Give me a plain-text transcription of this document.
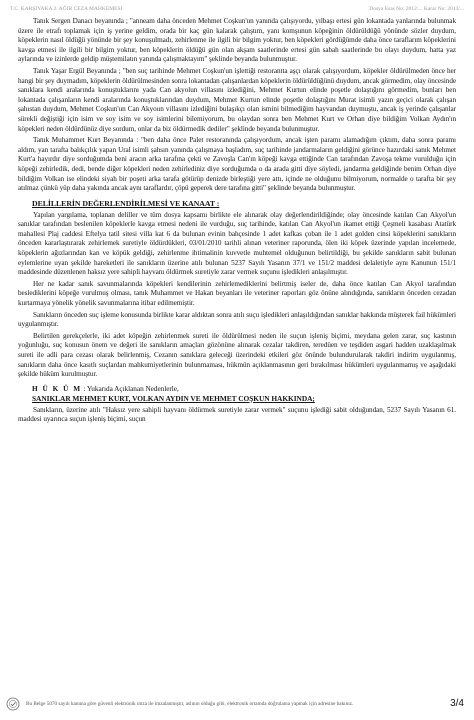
T.C. KARŞIYAKA 2. AĞIR CEZA MAHKEMESİ	Dosya Esas No: 2012/... Karar No: 2013/...

Tanık Sergen Danacı beyanında ; "anneam daha önceden Mehmet Coşkun'un yanında çalışıyordu, yılbaşı ertesi gün lokantada yanlarında bulunmak üzere ile etrafı toplamak için iş yerine geldim, orada bir kaç gün kalarak çalıştım, yanı komşunun köpeğinin öldürüldüğü yönünde sözler duydum, köpeklerin nasıl öldüğü yönünde bir şey konuşulmadı, zehirlenme ile ilgili bir bilgim yoktur, ben köpekleri gördüğümde daha önce taraflarım köpeklerini kavga etmesi ile ilgili bir bilgim yoktur, ben köpeklerin öldüğü gün olan akşam saatlerinde ertesi gün sabah saatlerinde bu olayı duydum, hatta yaz aylarında ve izinlerde geldip müştemilatın yanında çalışmaktayım" şeklinde beyanda bulunmuştur.

Tanık Yaşar Ergül Beyanında ; "ben suç tarihinde Mehmet Coşkun'un işlettiği restorantta aşçı olarak çalışıyordum, köpekler öldürülmeden önce her hangi bir şey duymadım, köpeklerin öldürülmesinden sonra lokantadan çalışanlardan köpeklerin öldürüldüğünü duydum, ancak görmedim, olay öncesinde sanıklara kendi aralarında konuştuklarını yada Can akyolun villasını izlediğini, Mehmet Kurtun elinde poşetle dolaştığını görmedim, bunları ben lokantada çalışanların kendi aralarında konuştuklarından duydum, Mehmet Kurtun elinde poşetle dolaştığını Murat isimli yazın geçici olarak çalışan şahıstan duydum, Mehmet Coşkun'un Can Akyoun villasını izlediğini bulaşıkçı olan ismini bilmediğim hayvandan duymuştu, ancak iş yerinde çalışanlar sürekli değiştiği için isim ve soy isim ve soy isimlerini bilemiyorum, bu olaydan sonra ben Mehmet Kurt ve Orhan diye bildiğim Volkan Aydın'ın köpekleri neden öldürdünüz diye sordum, onlar da biz öldürmedik dediler" şeklinde beyanda bulunmuştur.

Tanık Muhammet Kurt Beyanında : "ben daha önce Palet restoranında çalışıyordum, ancak işten paramı alamadığım çıktım, daha sonra paramı aldım, yan tarafta balıkçılık yapan Ural isimli şahsın yanında çalışmaya başladım, suç tarihinde jandarmaların geldiğini görünce hazırdaki sanık Mehmet Kurt'a hayırdır diye sorduğumda beni aracın arka tarafına çekti ve Zavoşla Can'ın köpeği kavga ettiğinde Can tarafından Zavoşa tekme vurulduğu için köpeği zehirledik, dedi, bende diğer köpekleri neden zehirlediniz diye sorduğumda o da arada gitti diye söyledi, jandarma geldiğinde benim Orhan diye bildiğim Volkan ise elindeki siyah bir poşeti arka tarafa götürüp denizde birleştiği yere attı, içinde ne olduğunu bilmiyorum, normalde o tarafta bir şey atılmaz çünkü yüp daha yakında ancak aynı taraflardır, çöpü geperek dere tarafına gitti" şeklinde beyanda bulunmuştur.

DELİLLERİN DEĞERLENDİRİLMESİ VE KANAAT :

Yapılan yargılama, toplanan deliller ve tüm dosya kapsamı birlikte ele alınarak olay değerlendirildiğinde; olay öncesinde katılan Can Akyol'un sanıklar tarafından beslenilen köpeklerle kavga etmesi nedeni ile vurduğu, suç tarihinde, katılan Can Akyol'un ikamet ettiği Çeşmeli kasabası Atatürk mahallesi Plaj caddesi Eftelya tatil sitesi villa kat 6 da bulunan evinin bahçesinde 1 adet kafkas çoban ile 1 adet golden cinsi köpeklerini sanıkların önceden kararlaştırarak zehirlemek suretiyle öldürdükleri, 03/01/2010 tarihli alınan veteriner raporunda, ölen iki köpek üzerinde yapılan incelemede, köpeklerin ağızlarından kan ve köpük geldiği, zehirlenme ihtimalinin kuvvetle muhtemel olduğunun belirtildiği, bu şekilde sanıkların sabit bulunan eylemlerine uyan şekilde hareketleri ile sanıkların üzerine atılı bulunan 5237 Sayılı Yasanın 37/1 ve 151/2 maddesi delaletiyle aynı Kanunun 151/1 maddesinde düzenlenen haksız yere sahipli hayvanı öldürmek suretiyle zarar vermek suçunu işledikleri anlaşılmıştır.

Her ne kadar sanık savunmalarında köpekleri kendilerinin zehirlemediklerini belirtmiş iseler de, daha önce katılan Can Akyol tarafından beslediklerini köpeğe vurulmuş olması, tanık Muhammet ve Hakan beyanları ile veteriner raporları göz önüne alındığında, sanıkların önceden cezadan kurtarmaya yönelik yönelik savunmalarına itibar edilmemiştir.

Sanıkların önceden suç işleme konusunda birlikte karar aldıktan sonra atılı suçu işledikleri anlaşıldığından sanıklar hakkında müşterek fail hükümleri uygulanmıştır.

Belirtilen gerekçelerle, iki adet köpeğin zehirlenmek sureti ile öldürülmesi neden ile suçun işleniş biçimi, meydana gelen zarar, suç kastının yoğunluğu, suç konusun önem ve değeri ile sanıkların amaçları gözönüne alınarak cezalar takdiren, teredüen ve teşdiden asgari hadden uzaklaşılmak sureti ile adli para cezası olarak belirlenmiş, Cezanın sanıklara geleceği üzerindeki etkileri göz önünde bulundurularak takdiri indirim uygulanmış, sanıkların daha önce kasıtlı suçlardan mahkumiyetlerinin bulunmaması, hükmün açıklanmasının geri bırakılması hükümleri uygulanmamış ve aşağıdaki şekilde hüküm kurulmuştur.

H Ü K Ü M : Yukarıda Açıklanan Nedenlerle,
SANIKLAR MEHMET KURT, VOLKAN AYDIN VE MEHMET COŞKUN HAKKINDA;

Sanıkların, üzerine atılı "Haksız yere sahipli hayvanı öldürmek suretiyle zarar vermek" suçunu işlediği sabit olduğundan, 5237 Sayılı Yasanın 61. maddesi uyarınca suçun işleniş biçimi, suçun

Bu Belge 5070 sayılı kanuna göre güvenli elektronik imza ile imzalanmıştır, aslının olduğu gibi, elektronik ortamda doğrulama yapmak için adresine bakınız.	3/4
